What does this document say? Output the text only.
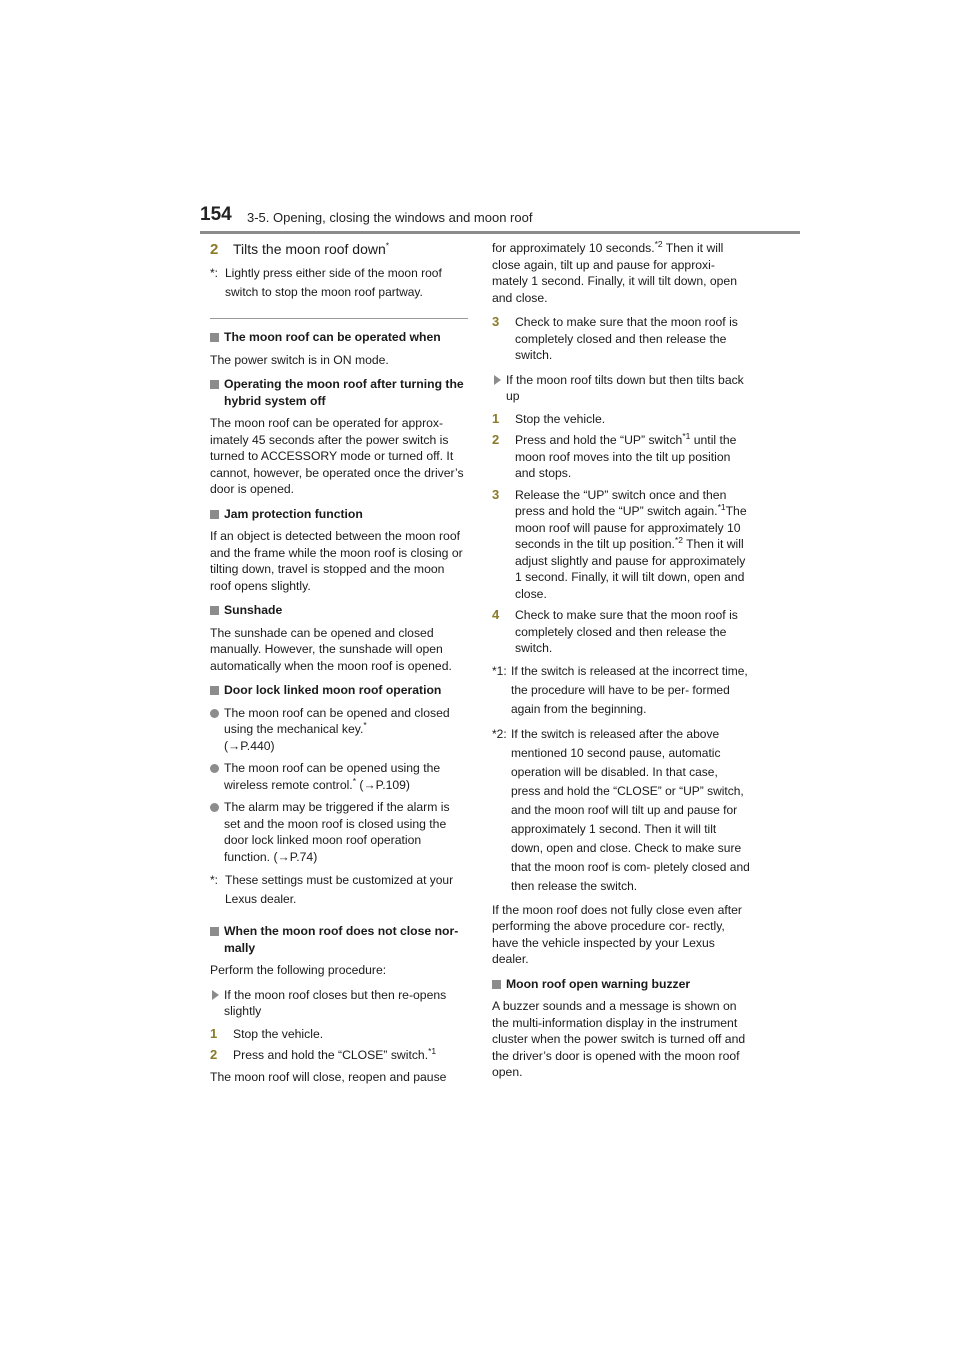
154 3-5. Opening, closing the windows and moon roof
2 Tilts the moon roof down*
*: Lightly press either side of the moon roof switch to stop the moon roof partway.
The moon roof can be operated when

The power switch is in ON mode.

Operating the moon roof after turning the hybrid system off

The moon roof can be operated for approx- imately 45 seconds after the power switch is turned to ACCESSORY mode or turned off. It cannot, however, be operated once the driver’s door is opened.

Jam protection function

If an object is detected between the moon roof and the frame while the moon roof is closing or tilting down, travel is stopped and the moon roof opens slightly.

Sunshade

The sunshade can be opened and closed manually. However, the sunshade will open automatically when the moon roof is opened.

Door lock linked moon roof operation
The moon roof can be opened and closed using the mechanical key.*
(→P.440)
The moon roof can be opened using the wireless remote control.* (→P.109)
The alarm may be triggered if the alarm is set and the moon roof is closed using the door lock linked moon roof operation function. (→P.74)
*: These settings must be customized at your Lexus dealer.
When the moon roof does not close nor- mally

Perform the following procedure:

If the moon roof closes but then re-opens slightly
1 Stop the vehicle.
2 Press and hold the “CLOSE” switch.$^{*1}$

The moon roof will close, reopen and pause

for approximately 10 seconds.$^{*2}$ Then it will close again, tilt up and pause for approxi- mately 1 second. Finally, it will tilt down, open and close.

3 Check to make sure that the moon roof is completely closed and then release the switch.
If the moon roof tilts down but then tilts back up
1 Stop the vehicle.
2 Press and hold the “UP” switch$^{*1}$ until the moon roof moves into the tilt up position and stops.
3 Release the “UP” switch once and then press and hold the “UP” switch again.$^{*1}$The moon roof will pause for approximately 10 seconds in the tilt up position.$^{*2}$ Then it will adjust slightly and pause for approximately 1 second. Finally, it will tilt down, open and close.
4 Check to make sure that the moon roof is completely closed and then release the switch.
*1: If the switch is released at the incorrect time, the procedure will have to be per- formed again from the beginning.
*2: If the switch is released after the above mentioned 10 second pause, automatic operation will be disabled. In that case, press and hold the “CLOSE” or “UP” switch, and the moon roof will tilt up and pause for approximately 1 second. Then it will tilt down, open and close. Check to make sure that the moon roof is com- pletely closed and then release the switch.

If the moon roof does not fully close even after performing the above procedure cor- rectly, have the vehicle inspected by your Lexus dealer.

Moon roof open warning buzzer

A buzzer sounds and a message is shown on the multi-information display in the instrument cluster when the power switch is turned off and the driver’s door is opened with the moon roof open.
